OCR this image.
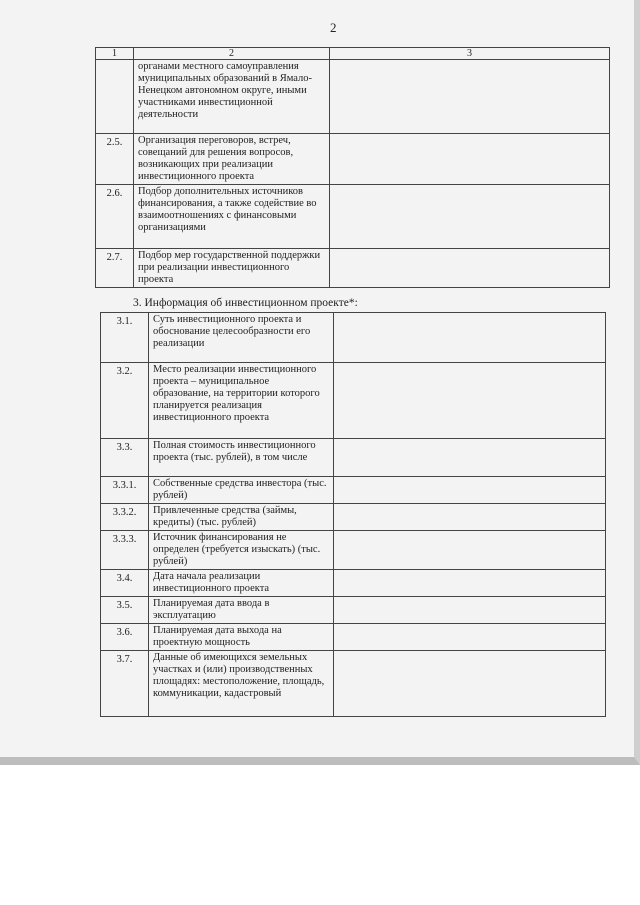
2
1	2	3
	органами местного самоуправления муниципальных образований в Ямало-Ненецком автономном округе, иными участниками инвестиционной деятельности	
2.5.	Организация переговоров, встреч, совещаний для решения вопросов, возникающих при реализации инвестиционного проекта	
2.6.	Подбор дополнительных источников финансирования, а также содействие во взаимоотношениях с финансовыми организациями	
2.7.	Подбор мер государственной поддержки при реализации инвестиционного проекта	
3. Информация об инвестиционном проекте*:
3.1.	Суть инвестиционного проекта и обоснование целесообразности его реализации	
3.2.	Место реализации инвестиционного проекта – муниципальное образование, на территории которого планируется реализация инвестиционного проекта	
3.3.	Полная стоимость инвестиционного проекта (тыс. рублей), в том числе	
3.3.1.	Собственные средства инвестора (тыс. рублей)	
3.3.2.	Привлеченные средства (займы, кредиты) (тыс. рублей)	
3.3.3.	Источник финансирования не определен (требуется изыскать) (тыс. рублей)	
3.4.	Дата начала реализации инвестиционного проекта	
3.5.	Планируемая дата ввода в эксплуатацию	
3.6.	Планируемая дата выхода на проектную мощность	
3.7.	Данные об имеющихся земельных участках и (или) производственных площадях: местоположение, площадь, коммуникации, кадастровый	
